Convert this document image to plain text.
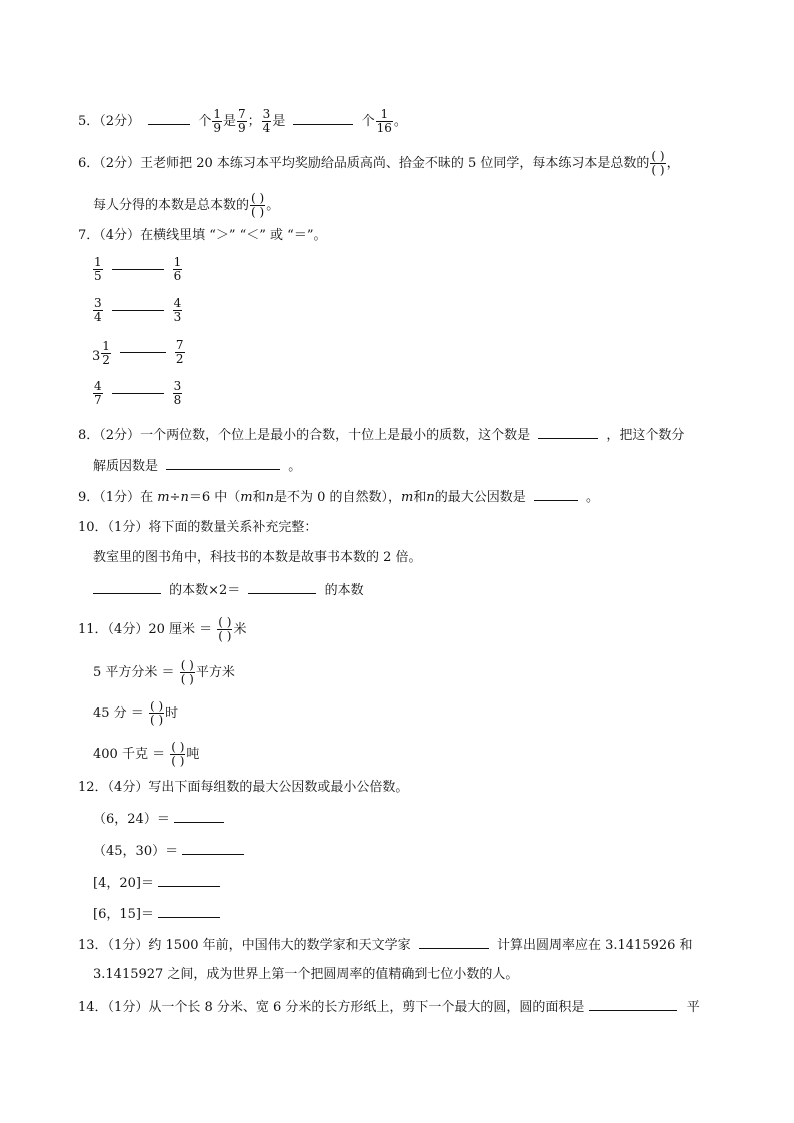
5．（2分）	个 $\frac{1}{9}$ 是 $\frac{7}{9}$ ； $\frac{3}{4}$ 是	个 $\frac{1}{16}$ 。
6．（2分）王老师把 20 本练习本平均奖励给品质高尚、拾金不昧的 5 位同学，每本练习本是总数的 $\frac{( )}{( )}$ ，
每人分得的本数是总本数的 $\frac{( )}{( )}$ 。
7．（4分）在横线里填 “＞” “＜” 或 “＝”。
$\frac{1}{5}$	$\frac{1}{6}$
$\frac{3}{4}$	$\frac{4}{3}$
$3 \frac{1}{2}$	$\frac{7}{2}$
$\frac{4}{7}$	$\frac{3}{8}$
8．（2分）一个两位数，个位上是最小的合数，十位上是最小的质数，这个数是	，把这个数分
解质因数是	。
9．（1分）在 m÷n＝6 中（m和n是不为 0 的自然数），m和n的最大公因数是	。
10．（1分）将下面的数量关系补充完整：
教室里的图书角中，科技书的本数是故事书本数的 2 倍。
的本数×2＝	的本数
11．（4分）20 厘米 ＝ $\frac{( )}{( )}$ 米
5 平方分米 ＝ $\frac{( )}{( )}$ 平方米
45 分 ＝ $\frac{( )}{( )}$ 时
400 千克 ＝ $\frac{( )}{( )}$ 吨
12．（4分）写出下面每组数的最大公因数或最小公倍数。
（6，24）＝
（45，30）＝
[4，20]＝
[6，15]＝
13．（1分）约 1500 年前，中国伟大的数学家和天文学家	计算出圆周率应在 3.1415926 和
3.1415927 之间，成为世界上第一个把圆周率的值精确到七位小数的人。
14．（1分）从一个长 8 分米、宽 6 分米的长方形纸上，剪下一个最大的圆，圆的面积是	平
